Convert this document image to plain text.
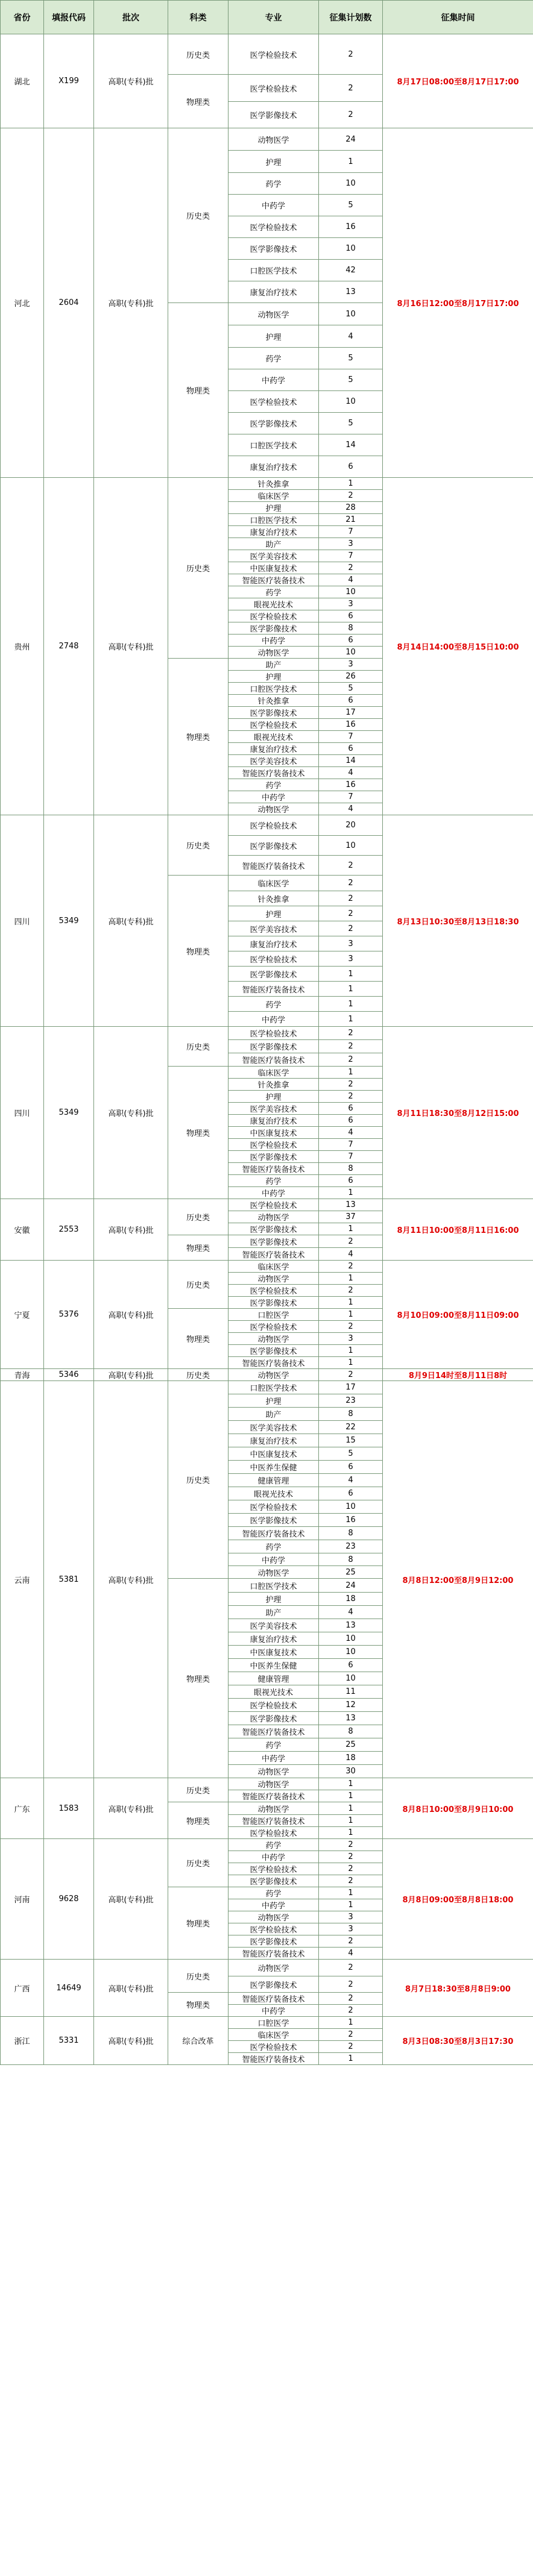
省份	填报代码	批次	科类	专业	征集计划数	征集时间
湖北	X199	高职(专科)批	历史类	医学检验技术	2	8月17日08:00至8月17日17:00
			物理类	医学检验技术	2	
				医学影像技术	2	
河北	2604	高职(专科)批	历史类	动物医学	24	8月16日12:00至8月17日17:00
				护理	1	
				药学	10	
				中药学	5	
				医学检验技术	16	
				医学影像技术	10	
				口腔医学技术	42	
				康复治疗技术	13	
			物理类	动物医学	10	
				护理	4	
				药学	5	
				中药学	5	
				医学检验技术	10	
				医学影像技术	5	
				口腔医学技术	14	
				康复治疗技术	6	
贵州	2748	高职(专科)批	历史类	针灸推拿	1	8月14日14:00至8月15日10:00
				临床医学	2	
				护理	28	
				口腔医学技术	21	
				康复治疗技术	7	
				助产	3	
				医学美容技术	7	
				中医康复技术	2	
				智能医疗装备技术	4	
				药学	10	
				眼视光技术	3	
				医学检验技术	6	
				医学影像技术	8	
				中药学	6	
				动物医学	10	
			物理类	助产	3	
				护理	26	
				口腔医学技术	5	
				针灸推拿	6	
				医学影像技术	17	
				医学检验技术	16	
				眼视光技术	7	
				康复治疗技术	6	
				医学美容技术	14	
				智能医疗装备技术	4	
				药学	16	
				中药学	7	
				动物医学	4	
四川	5349	高职(专科)批	历史类	医学检验技术	20	8月13日10:30至8月13日18:30
				医学影像技术	10	
				智能医疗装备技术	2	
			物理类	临床医学	2	
				针灸推拿	2	
				护理	2	
				医学美容技术	2	
				康复治疗技术	3	
				医学检验技术	3	
				医学影像技术	1	
				智能医疗装备技术	1	
				药学	1	
				中药学	1	
四川	5349	高职(专科)批	历史类	医学检验技术	2	8月11日18:30至8月12日15:00
				医学影像技术	2	
				智能医疗装备技术	2	
			物理类	临床医学	1	
				针灸推拿	2	
				护理	2	
				医学美容技术	6	
				康复治疗技术	6	
				中医康复技术	4	
				医学检验技术	7	
				医学影像技术	7	
				智能医疗装备技术	8	
				药学	6	
				中药学	1	
安徽	2553	高职(专科)批	历史类	医学检验技术	13	8月11日10:00至8月11日16:00
				动物医学	37	
				医学影像技术	1	
			物理类	医学影像技术	2	
				智能医疗装备技术	4	
宁夏	5376	高职(专科)批	历史类	临床医学	2	8月10日09:00至8月11日09:00
				动物医学	1	
				医学检验技术	2	
				医学影像技术	1	
			物理类	口腔医学	1	
				医学检验技术	2	
				动物医学	3	
				医学影像技术	1	
				智能医疗装备技术	1	
青海	5346	高职(专科)批	历史类	动物医学	2	8月9日14时至8月11日8时
云南	5381	高职(专科)批	历史类	口腔医学技术	17	8月8日12:00至8月9日12:00
				护理	23	
				助产	8	
				医学美容技术	22	
				康复治疗技术	15	
				中医康复技术	5	
				中医养生保健	6	
				健康管理	4	
				眼视光技术	6	
				医学检验技术	10	
				医学影像技术	16	
				智能医疗装备技术	8	
				药学	23	
				中药学	8	
				动物医学	25	
			物理类	口腔医学技术	24	
				护理	18	
				助产	4	
				医学美容技术	13	
				康复治疗技术	10	
				中医康复技术	10	
				中医养生保健	6	
				健康管理	10	
				眼视光技术	11	
				医学检验技术	12	
				医学影像技术	13	
				智能医疗装备技术	8	
				药学	25	
				中药学	18	
				动物医学	30	
广东	1583	高职(专科)批	历史类	动物医学	1	8月8日10:00至8月9日10:00
				智能医疗装备技术	1	
			物理类	动物医学	1	
				智能医疗装备技术	1	
				医学检验技术	1	
河南	9628	高职(专科)批	历史类	药学	2	8月8日09:00至8月8日18:00
				中药学	2	
				医学检验技术	2	
				医学影像技术	2	
			物理类	药学	1	
				中药学	1	
				动物医学	3	
				医学检验技术	3	
				医学影像技术	2	
				智能医疗装备技术	4	
广西	14649	高职(专科)批	历史类	动物医学	2	8月7日18:30至8月8日9:00
				医学影像技术	2	
			物理类	智能医疗装备技术	2	
				中药学	2	
浙江	5331	高职(专科)批	综合改革	口腔医学	1	8月3日08:30至8月3日17:30
				临床医学	2	
				医学检验技术	2	
				智能医疗装备技术	1	
